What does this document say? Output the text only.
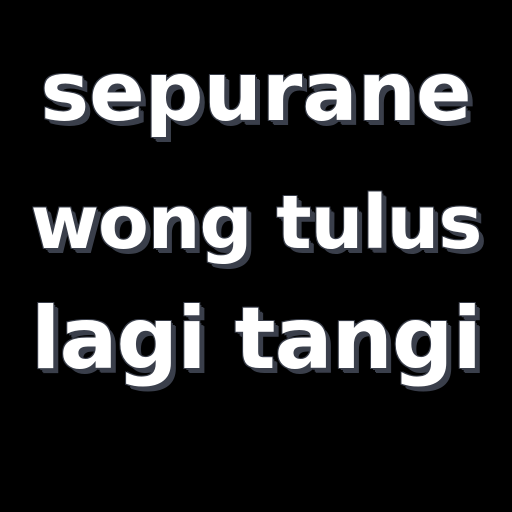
sepurane
wong tulus
lagi tangi
